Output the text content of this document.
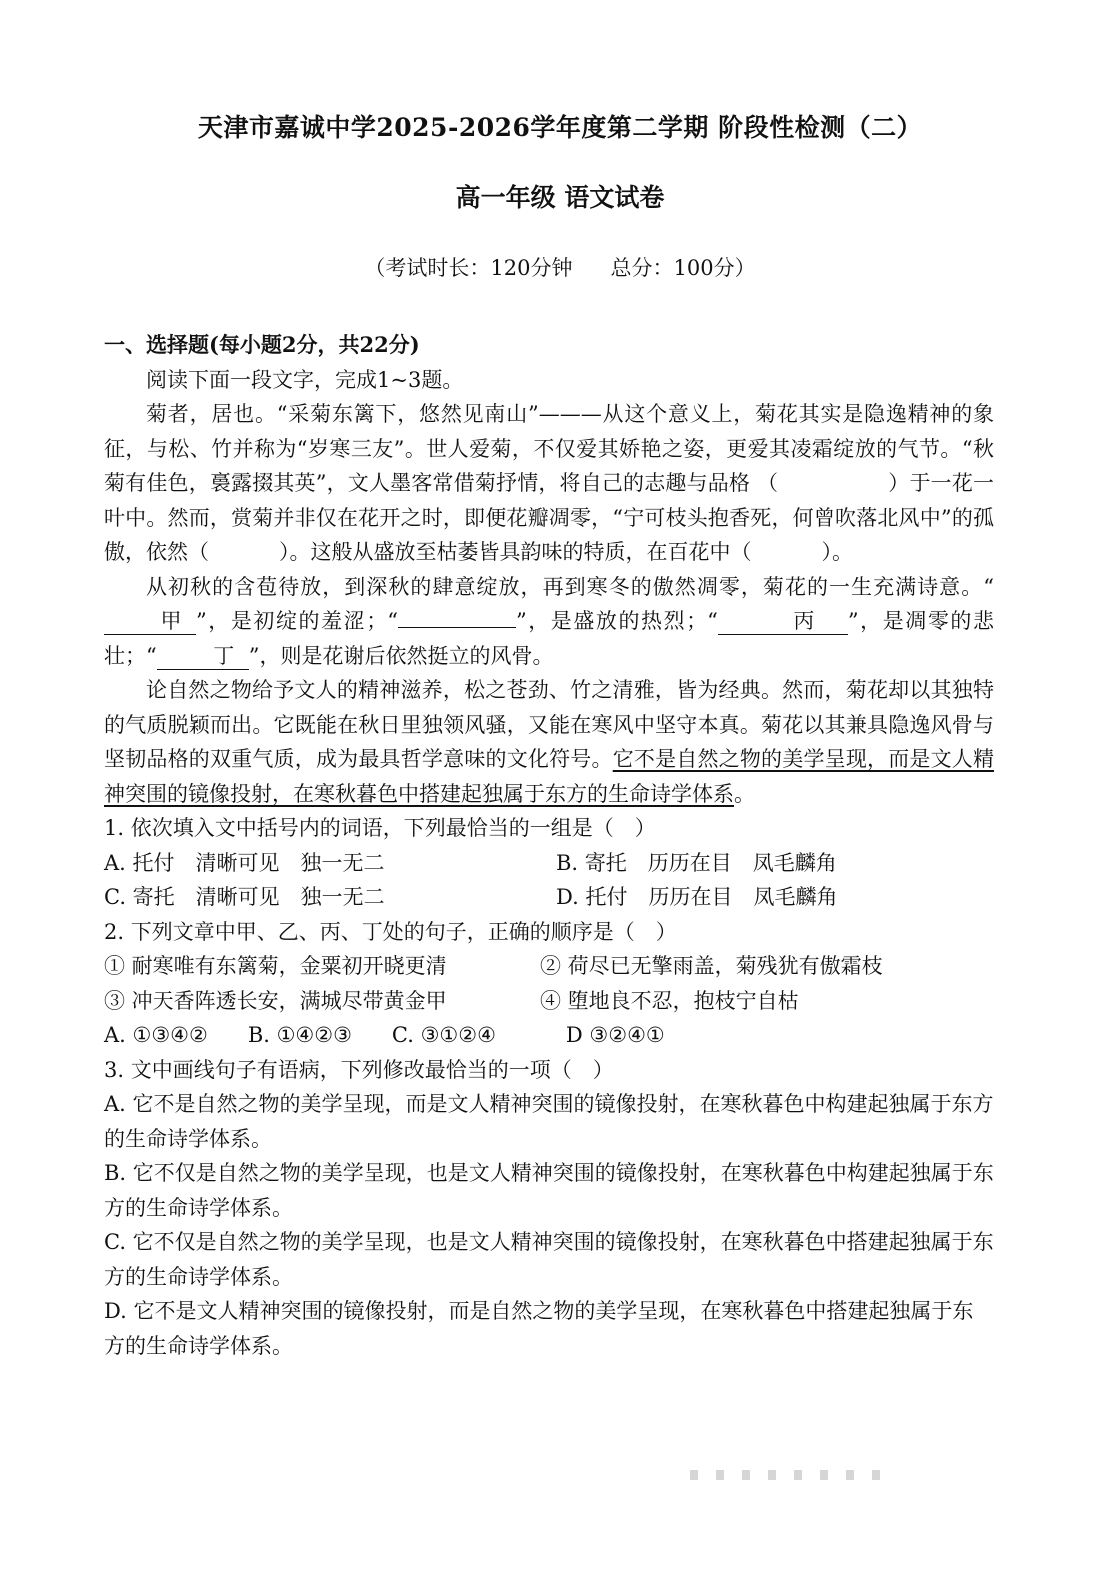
天津市嘉诚中学2025-2026学年度第二学期 阶段性检测（二）
高一年级 语文试卷
（考试时长：120分钟 总分：100分）

一、选择题(每小题2分，共22分)

阅读下面一段文字，完成1~3题。

菊者，居也。“采菊东篱下，悠然见南山”———从这个意义上，菊花其实是隐逸精神的象征，与松、竹并称为“岁寒三友”。世人爱菊，不仅爱其娇艳之姿，更爱其凌霜绽放的气节。“秋菊有佳色，裛露掇其英”，文人墨客常借菊抒情，将自己的志趣与品格 （	）于一花一叶中。然而，赏菊并非仅在花开之时，即便花瓣凋零，“宁可枝头抱香死，何曾吹落北风中”的孤傲，依然（	）。这般从盛放至枯萎皆具韵味的特质，在百花中（	）。

从初秋的含苞待放，到深秋的肆意绽放，再到寒冬的傲然凋零，菊花的一生充满诗意。“甲 ”，是初绽的羞涩；“	”，是盛放的热烈；“	丙 ”，是凋零的悲壮；“	丁 ”，则是花谢后依然挺立的风骨。

论自然之物给予文人的精神滋养，松之苍劲、竹之清雅，皆为经典。然而，菊花却以其独特的气质脱颖而出。它既能在秋日里独领风骚，又能在寒风中坚守本真。菊花以其兼具隐逸风骨与坚韧品格的双重气质，成为最具哲学意味的文化符号。它不是自然之物的美学呈现，而是文人精神突围的镜像投射，在寒秋暮色中搭建起独属于东方的生命诗学体系。

1. 依次填入文中括号内的词语，下列最恰当的一组是（　）

A. 托付　清晰可见　独一无二	B. 寄托　历历在目　凤毛麟角
C. 寄托　清晰可见　独一无二	D. 托付　历历在目　凤毛麟角

2. 下列文章中甲、乙、丙、丁处的句子，正确的顺序是（　）

① 耐寒唯有东篱菊，金粟初开晓更清	② 荷尽已无擎雨盖，菊残犹有傲霜枝
③ 冲天香阵透长安，满城尽带黄金甲	④ 堕地良不忍，抱枝宁自枯
A. ①③④② B. ①④②③ C. ③①②④	D ③②④①

3. 文中画线句子有语病，下列修改最恰当的一项（　）

A. 它不是自然之物的美学呈现，而是文人精神突围的镜像投射，在寒秋暮色中构建起独属于东方的生命诗学体系。

B. 它不仅是自然之物的美学呈现，也是文人精神突围的镜像投射，在寒秋暮色中构建起独属于东方的生命诗学体系。

C. 它不仅是自然之物的美学呈现，也是文人精神突围的镜像投射，在寒秋暮色中搭建起独属于东方的生命诗学体系。

D. 它不是文人精神突围的镜像投射，而是自然之物的美学呈现，在寒秋暮色中搭建起独属于东方的生命诗学体系。
